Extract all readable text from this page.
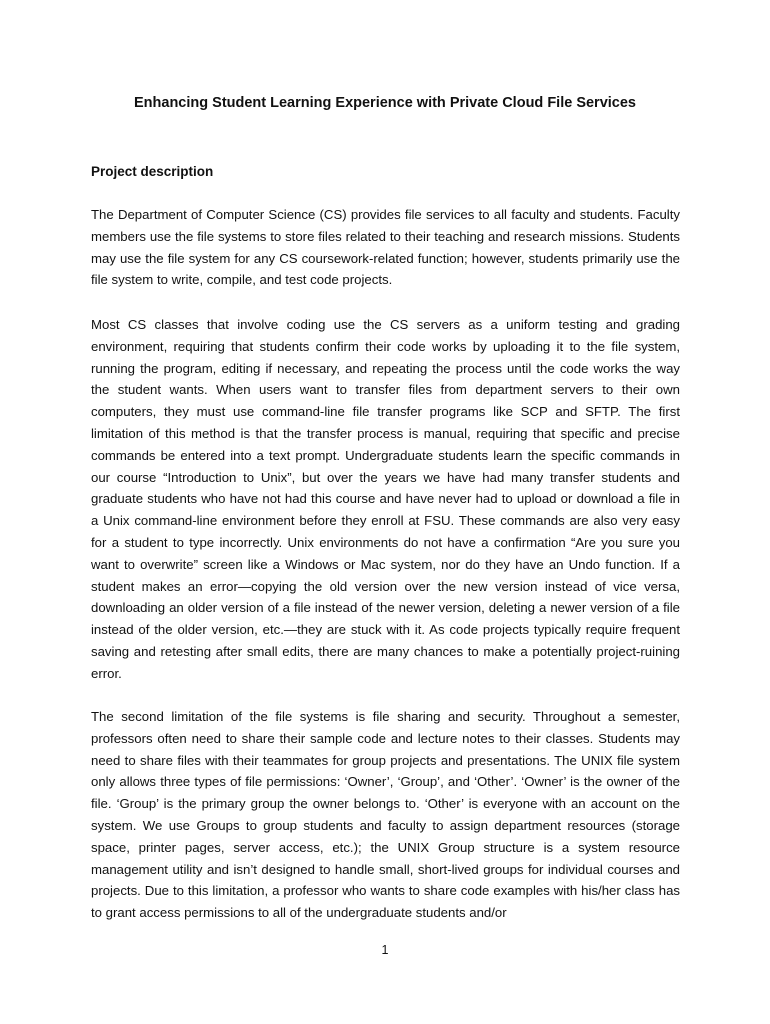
Enhancing Student Learning Experience with Private Cloud File Services
Project description

The Department of Computer Science (CS) provides file services to all faculty and students. Faculty members use the file systems to store files related to their teaching and research missions. Students may use the file system for any CS coursework-related function; however, students primarily use the file system to write, compile, and test code projects.

Most CS classes that involve coding use the CS servers as a uniform testing and grading environment, requiring that students confirm their code works by uploading it to the file system, running the program, editing if necessary, and repeating the process until the code works the way the student wants. When users want to transfer files from department servers to their own computers, they must use command-line file transfer programs like SCP and SFTP. The first limitation of this method is that the transfer process is manual, requiring that specific and precise commands be entered into a text prompt. Undergraduate students learn the specific commands in our course “Introduction to Unix”, but over the years we have had many transfer students and graduate students who have not had this course and have never had to upload or download a file in a Unix command-line environment before they enroll at FSU. These commands are also very easy for a student to type incorrectly. Unix environments do not have a confirmation “Are you sure you want to overwrite” screen like a Windows or Mac system, nor do they have an Undo function. If a student makes an error—copying the old version over the new version instead of vice versa, downloading an older version of a file instead of the newer version, deleting a newer version of a file instead of the older version, etc.—they are stuck with it. As code projects typically require frequent saving and retesting after small edits, there are many chances to make a potentially project-ruining error.

The second limitation of the file systems is file sharing and security. Throughout a semester, professors often need to share their sample code and lecture notes to their classes. Students may need to share files with their teammates for group projects and presentations. The UNIX file system only allows three types of file permissions: ‘Owner’, ‘Group’, and ‘Other’. ‘Owner’ is the owner of the file. ‘Group’ is the primary group the owner belongs to. ‘Other’ is everyone with an account on the system. We use Groups to group students and faculty to assign department resources (storage space, printer pages, server access, etc.); the UNIX Group structure is a system resource management utility and isn’t designed to handle small, short-lived groups for individual courses and projects. Due to this limitation, a professor who wants to share code examples with his/her class has to grant access permissions to all of the undergraduate students and/or

1
